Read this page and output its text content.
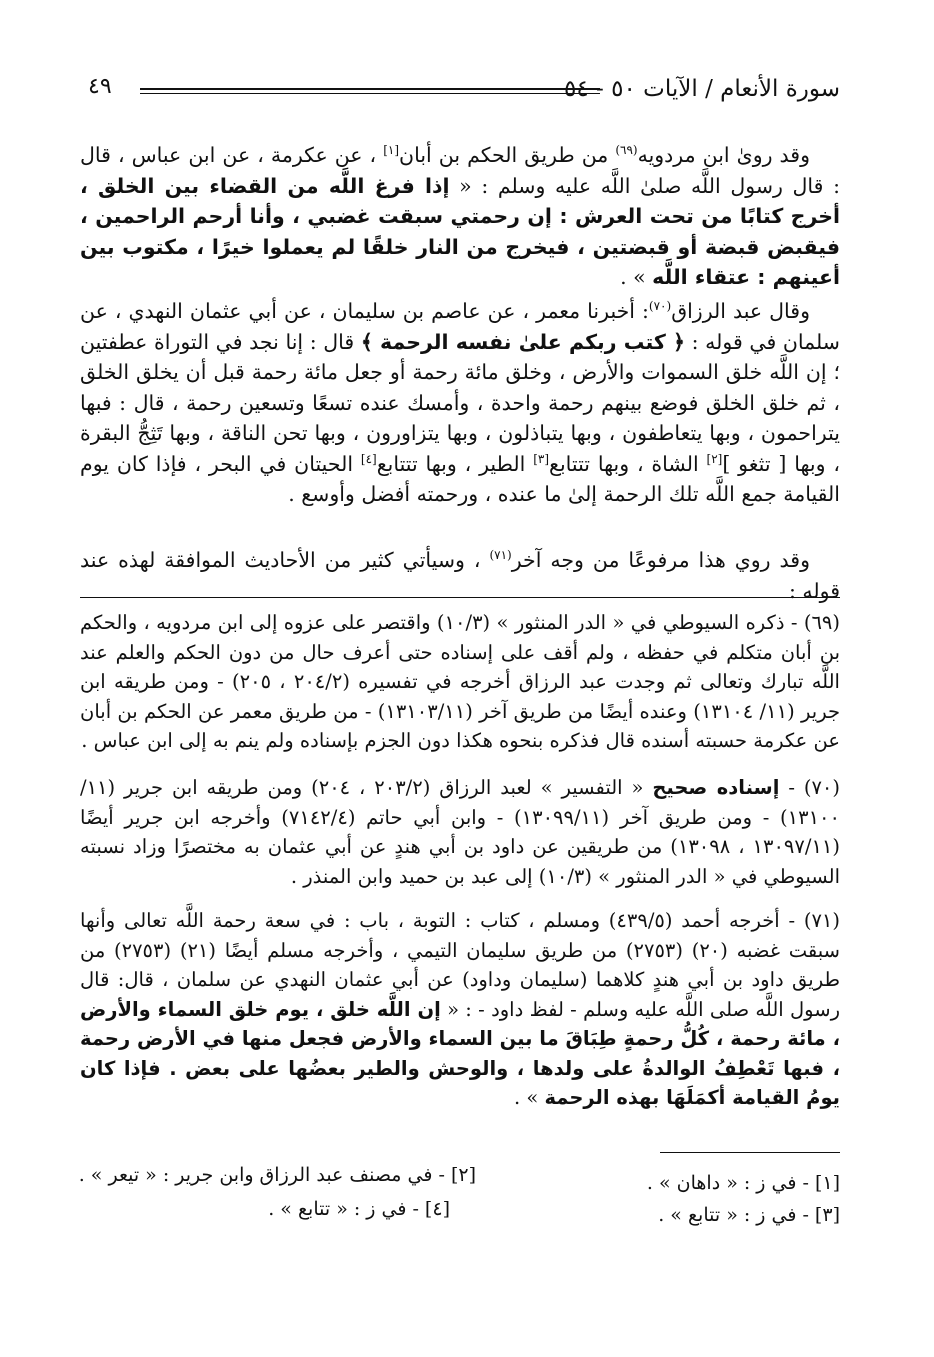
٤٩	سورة الأنعام / الآيات ٥٠ - ٥٤

وقد روىٰ ابن مردويه$^{(٦٩)}$ من طريق الحكم بن أبان[١] ، عن عكرمة ، عن ابن عباس ، قال : قال رسول اللَّه صلىٰ اللَّه عليه وسلم : « إذا فرغ اللَّه من القضاء بين الخلق ، أخرج كتابًا من تحت العرش : إن رحمتي سبقت غضبي ، وأنا أرحم الراحمين ، فيقبض قبضة أو قبضتين ، فيخرج من النار خلقًا لم يعملوا خيرًا ، مكتوب بين أعينهم : عتقاء اللَّه » .

وقال عبد الرزاق$^{(٧٠)}$: أخبرنا معمر ، عن عاصم بن سليمان ، عن أبي عثمان النهدي ، عن سلمان في قوله : ﴿ كتب ربكم علىٰ نفسه الرحمة ﴾ قال : إنا نجد في التوراة عطفتين ؛ إن اللَّه خلق السموات والأرض ، وخلق مائة رحمة أو جعل مائة رحمة قبل أن يخلق الخلق ، ثم خلق الخلق فوضع بينهم رحمة واحدة ، وأمسك عنده تسعًا وتسعين رحمة ، قال : فبها يتراحمون ، وبها يتعاطفون ، وبها يتباذلون ، وبها يتزاورون ، وبها تحن الناقة ، وبها تَثِجُّ البقرة ، وبها [ تثغو ][٢] الشاة ، وبها تتتابع[٣] الطير ، وبها تتتابع[٤] الحيتان في البحر ، فإذا كان يوم القيامة جمع اللَّه تلك الرحمة إلىٰ ما عنده ، ورحمته أفضل وأوسع .

وقد روي هذا مرفوعًا من وجه آخر$^{(٧١)}$ ، وسيأتي كثير من الأحاديث الموافقة لهذه عند قوله :

(٦٩) - ذكره السيوطي في « الدر المنثور » (١٠/٣) واقتصر على عزوه إلى ابن مردويه ، والحكم بن أبان متكلم في حفظه ، ولم أقف على إسناده حتى أعرف حال من دون الحكم والعلم عند اللَّه تبارك وتعالى ثم وجدت عبد الرزاق أخرجه في تفسيره (٢٠٤/٢ ، ٢٠٥) - ومن طريقه ابن جرير (١١/ ١٣١٠٤) وعنده أيضًا من طريق آخر (١٣١٠٣/١١) - من طريق معمر عن الحكم بن أبان عن عكرمة حسبته أسنده قال فذكره بنحوه هكذا دون الجزم بإسناده ولم ينم به إلى ابن عباس .

(٧٠) - إسناده صحيح « التفسير » لعبد الرزاق (٢٠٣/٢ ، ٢٠٤) ومن طريقه ابن جرير (١١/ ١٣١٠٠) - ومن طريق آخر (١٣٠٩٩/١١) - وابن أبي حاتم (٧١٤٢/٤) وأخرجه ابن جرير أيضًا (١٣٠٩٧/١١ ، ١٣٠٩٨) من طريقين عن داود بن أبي هندٍ عن أبي عثمان به مختصرًا وزاد نسبته السيوطي في « الدر المنثور » (١٠/٣) إلى عبد بن حميد وابن المنذر .

(٧١) - أخرجه أحمد (٤٣٩/٥) ومسلم ، كتاب : التوبة ، باب : في سعة رحمة اللَّه تعالى وأنها سبقت غضبه (٢٠) (٢٧٥٣) من طريق سليمان التيمي ، وأخرجه مسلم أيضًا (٢١) (٢٧٥٣) من طريق داود بن أبي هندٍ كلاهما (سليمان وداود) عن أبي عثمان النهدي عن سلمان ، قال: قال رسول اللَّه صلى اللَّه عليه وسلم - لفظ داود - : « إن اللَّه خلق ، يوم خلق السماء والأرض ، مائة رحمة ، كُلُّ رحمةٍ طِبَاقَ ما بين السماء والأرض فجعل منها في الأرض رحمة ، فبها تَعْطِفُ الوالدةُ على ولدها ، والوحش والطير بعضُها على بعض . فإذا كان يومُ القيامة أكمَلَهَا بهذه الرحمة » .

[١] - في ز : « داهان » .
[٢] - في مصنف عبد الرزاق وابن جرير : « تيعر » .
[٣] - في ز : « تتابع » .
[٤] - في ز : « تتابع » .
